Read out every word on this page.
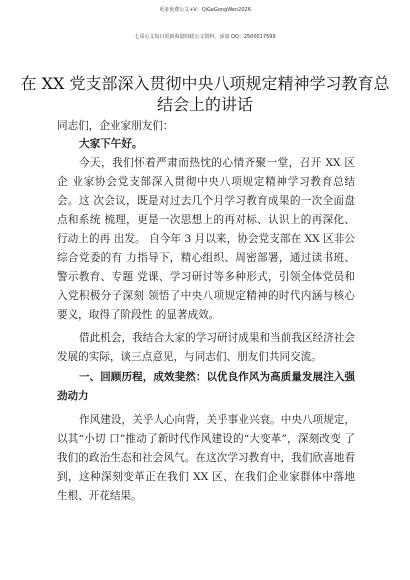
更多免费公文+V：QiGeGongWen2026
七哥公文每日更新海量时政公文资料，添加 QQ：2500017599
在 XX 党支部深入贯彻中央八项规定精神学习教育总结会上的讲话
同志们，企业家朋友们：
大家下午好。
今天，我们怀着严肃而热忱的心情齐聚一堂，召开 XX 区企 业家协会党支部深入贯彻中央八项规定精神学习教育总结会。这 次会议，既是对过去几个月学习教育成果的一次全面盘点和系统 梳理，更是一次思想上的再对标、认识上的再深化、行动上的再 出发。 自今年 3 月以来，协会党支部在 XX 区非公综合党委的有 力指导下，精心组织、周密部署，通过读书班、警示教育、专题 党课、学习研讨等多种形式，引领全体党员和入党积极分子深刻 领悟了中央八项规定精神的时代内涵与核心要义，取得了阶段性 的显著成效。
借此机会，我结合大家的学习研讨成果和当前我区经济社会发展的实际，谈三点意见，与同志们、朋友们共同交流。
一、回顾历程，成效斐然：以优良作风为高质量发展注入强劲动力
作风建设，关乎人心向背，关乎事业兴衰。中央八项规定，以其“小切 口”推动了新时代作风建设的“大变革”，深刻改变 了我们的政治生态和社会风气。在这次学习教育中，我们欣喜地看到，这种深刻变革正在我们 XX 区、在我们企业家群体中落地 生根、开花结果。
